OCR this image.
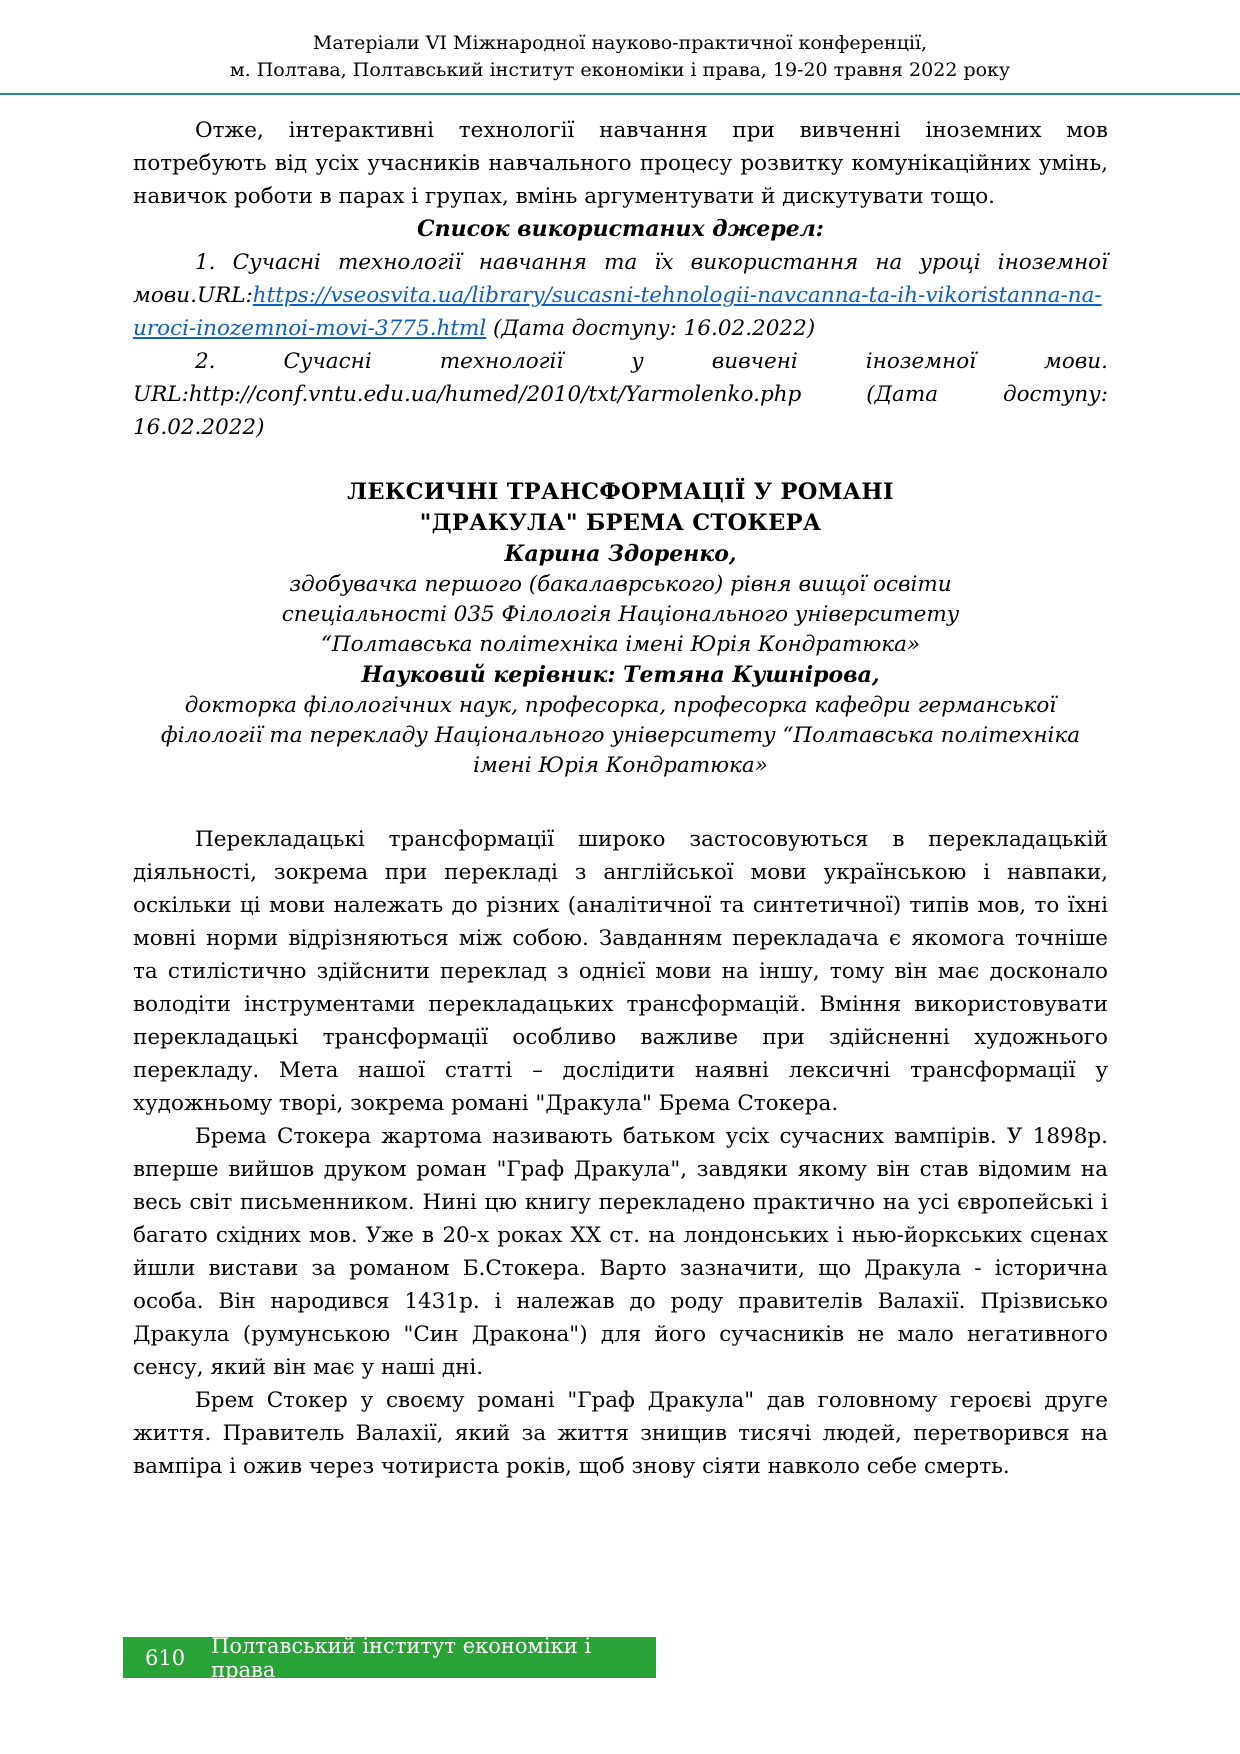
Матеріали VI Міжнародної науково-практичної конференції,
м. Полтава, Полтавський інститут економіки і права, 19-20 травня 2022 року

Отже, інтерактивні технології навчання при вивченні іноземних мов потребують від усіх учасників навчального процесу розвитку комунікаційних умінь, навичок роботи в парах і групах, вмінь аргументувати й дискутувати тощо.

Список використаних джерел:

1. Сучасні технології навчання та їх використання на уроці іноземної мови.URL:https://vseosvita.ua/library/sucasni-tehnologii-navcanna-ta-ih-vikoristanna-na-uroci-inozemnoi-movi-3775.html (Дата доступу: 16.02.2022)

2. Сучасні технології у вивчені іноземної мови. URL:http://conf.vntu.edu.ua/humed/2010/txt/Yarmolenko.php (Дата доступу: 16.02.2022)

ЛЕКСИЧНІ ТРАНСФОРМАЦІЇ У РОМАНІ
"ДРАКУЛА" БРЕМА СТОКЕРА
Карина Здоренко,
здобувачка першого (бакалаврського) рівня вищої освіти спеціальності 035 Філологія Національного університету “Полтавська політехніка імені Юрія Кондратюка»
Науковий керівник: Тетяна Кушнірова,
докторка філологічних наук, професорка, професорка кафедри германської філології та перекладу Національного університету “Полтавська політехніка імені Юрія Кондратюка»

Перекладацькі трансформації широко застосовуються в перекладацькій діяльності, зокрема при перекладі з англійської мови українською і навпаки, оскільки ці мови належать до різних (аналітичної та синтетичної) типів мов, то їхні мовні норми відрізняються між собою. Завданням перекладача є якомога точніше та стилістично здійснити переклад з однієї мови на іншу, тому він має досконало володіти інструментами перекладацьких трансформацій. Вміння використовувати перекладацькі трансформації особливо важливе при здійсненні художнього перекладу. Мета нашої статті – дослідити наявні лексичні трансформації у художньому творі, зокрема романі "Дракула" Брема Стокера.

Брема Стокера жартома називають батьком усіх сучасних вампірів. У 1898р. вперше вийшов друком роман "Граф Дракула", завдяки якому він став відомим на весь світ письменником. Нині цю книгу перекладено практично на усі європейські і багато східних мов. Уже в 20-х роках XX ст. на лондонських і нью-йоркських сценах йшли вистави за романом Б.Стокера. Варто зазначити, що Дракула - історична особа. Він народився 1431р. і належав до роду правителів Валахії. Прізвисько Дракула (румунською "Син Дракона") для його сучасників не мало негативного сенсу, який він має у наші дні.

Брем Стокер у своєму романі "Граф Дракула" дав головному героєві друге життя. Правитель Валахії, який за життя знищив тисячі людей, перетворився на вампіра і ожив через чотириста років, щоб знову сіяти навколо себе смерть.

610 Полтавський інститут економіки і права
